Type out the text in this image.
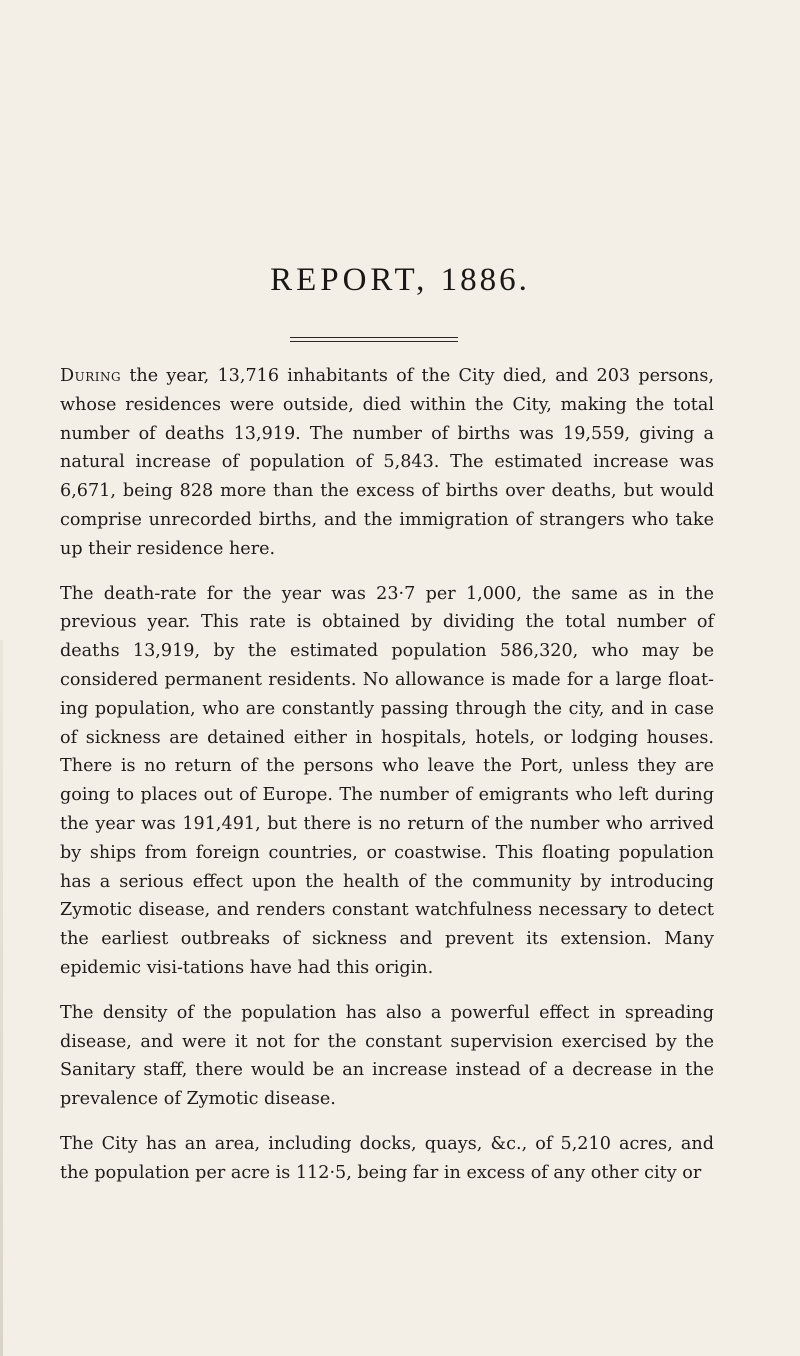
REPORT, 1886.

During the year, 13,716 inhabitants of the City died, and 203 persons, whose residences were outside, died within the City, making the total number of deaths 13,919. The number of births was 19,559, giving a natural increase of population of 5,843. The estimated increase was 6,671, being 828 more than the excess of births over deaths, but would comprise unrecorded births, and the immigration of strangers who take up their residence here.

The death-rate for the year was 23·7 per 1,000, the same as in the previous year. This rate is obtained by dividing the total number of deaths 13,919, by the estimated population 586,320, who may be considered permanent residents. No allowance is made for a large float-ing population, who are constantly passing through the city, and in case of sickness are detained either in hospitals, hotels, or lodging houses. There is no return of the persons who leave the Port, unless they are going to places out of Europe. The number of emigrants who left during the year was 191,491, but there is no return of the number who arrived by ships from foreign countries, or coastwise. This floating population has a serious effect upon the health of the community by introducing Zymotic disease, and renders constant watchfulness necessary to detect the earliest outbreaks of sickness and prevent its extension. Many epidemic visi-tations have had this origin.

The density of the population has also a powerful effect in spreading disease, and were it not for the constant supervision exercised by the Sanitary staff, there would be an increase instead of a decrease in the prevalence of Zymotic disease.

The City has an area, including docks, quays, &c., of 5,210 acres, and the population per acre is 112·5, being far in excess of any other city or
